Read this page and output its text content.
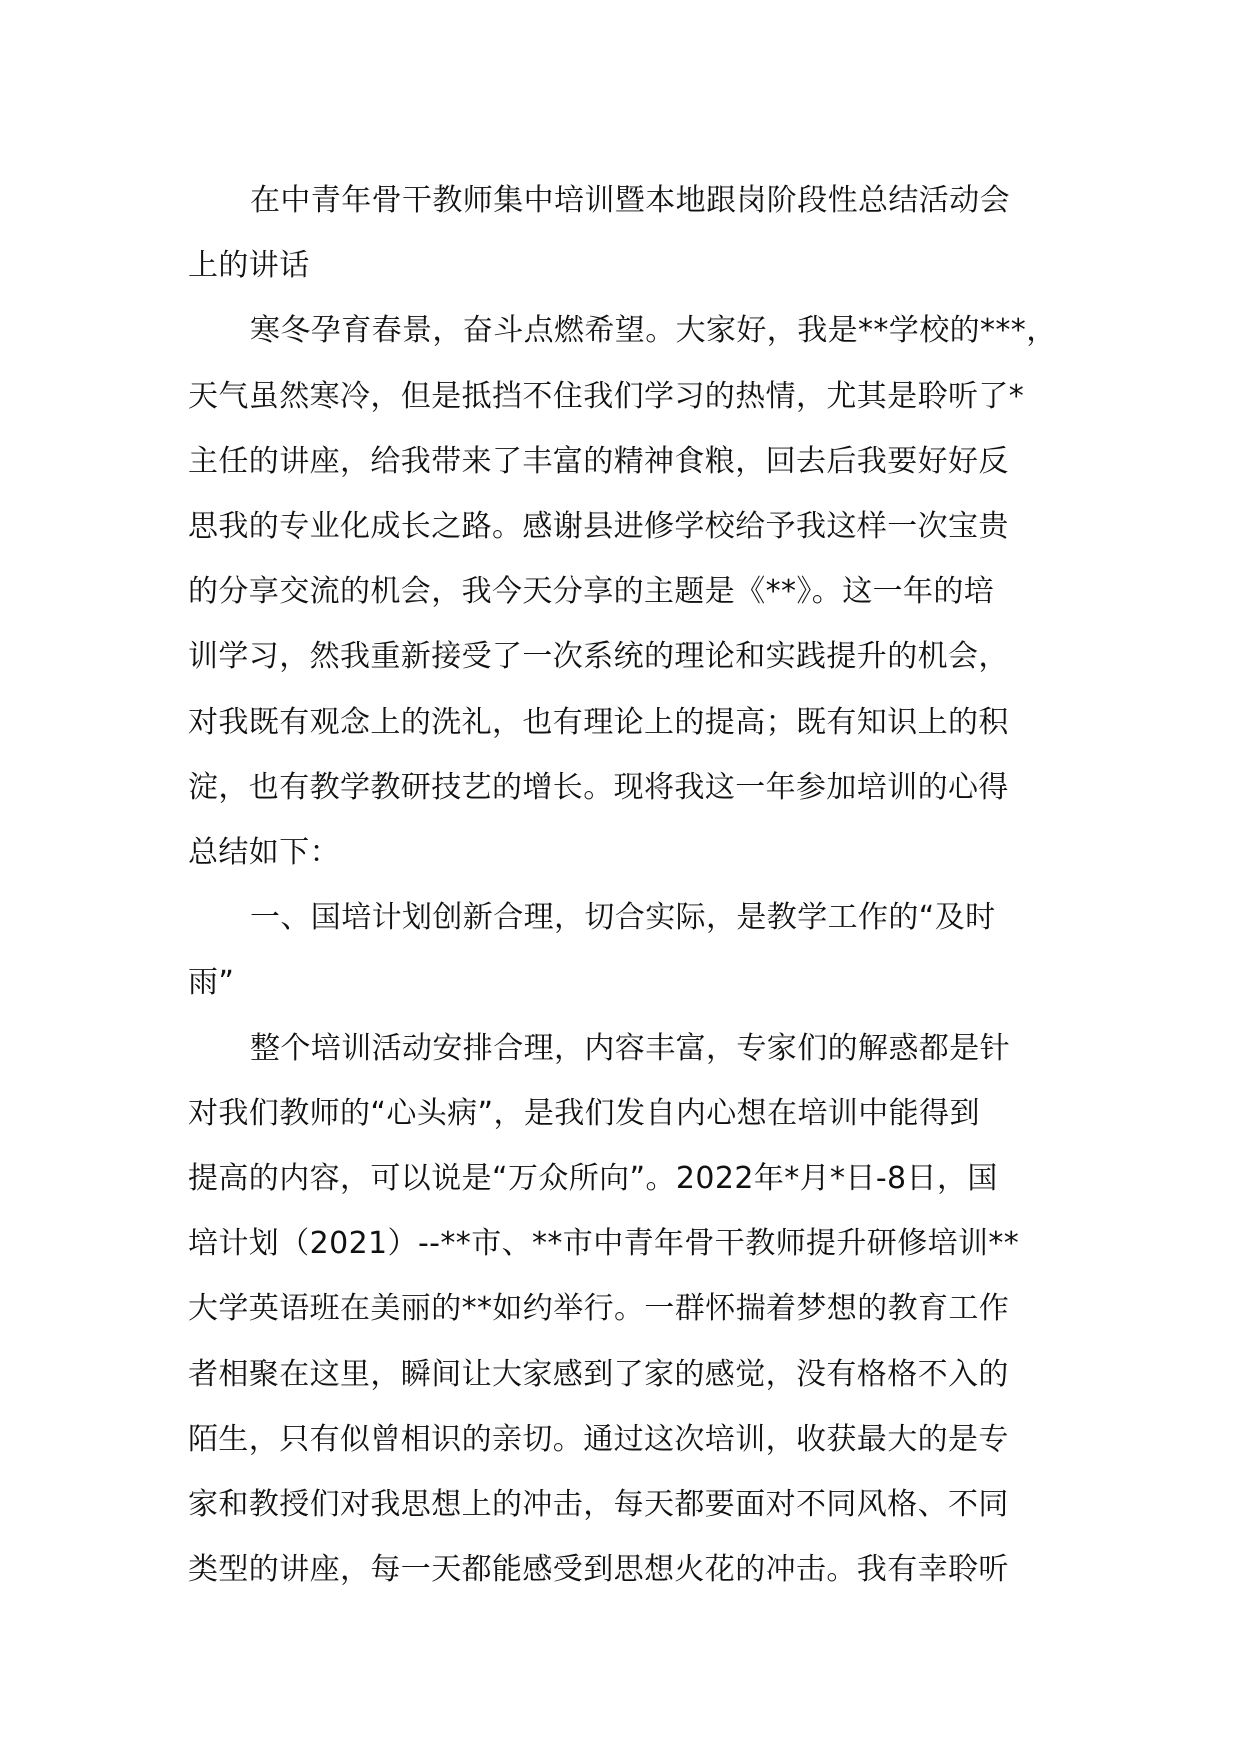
在中青年骨干教师集中培训暨本地跟岗阶段性总结活动会

上的讲话

寒冬孕育春景，奋斗点燃希望。大家好，我是**学校的***，

天气虽然寒冷，但是抵挡不住我们学习的热情，尤其是聆听了*

主任的讲座，给我带来了丰富的精神食粮，回去后我要好好反

思我的专业化成长之路。感谢县进修学校给予我这样一次宝贵

的分享交流的机会，我今天分享的主题是《**》。这一年的培

训学习，然我重新接受了一次系统的理论和实践提升的机会，

对我既有观念上的洗礼，也有理论上的提高；既有知识上的积

淀，也有教学教研技艺的增长。现将我这一年参加培训的心得

总结如下：

一、国培计划创新合理，切合实际，是教学工作的“及时

雨”

整个培训活动安排合理，内容丰富，专家们的解惑都是针

对我们教师的“心头病”，是我们发自内心想在培训中能得到

提高的内容，可以说是“万众所向”。2022年*月*日-8日，国

培计划（2021）--**市、**市中青年骨干教师提升研修培训**

大学英语班在美丽的**如约举行。一群怀揣着梦想的教育工作

者相聚在这里，瞬间让大家感到了家的感觉，没有格格不入的

陌生，只有似曾相识的亲切。通过这次培训，收获最大的是专

家和教授们对我思想上的冲击，每天都要面对不同风格、不同

类型的讲座，每一天都能感受到思想火花的冲击。我有幸聆听
